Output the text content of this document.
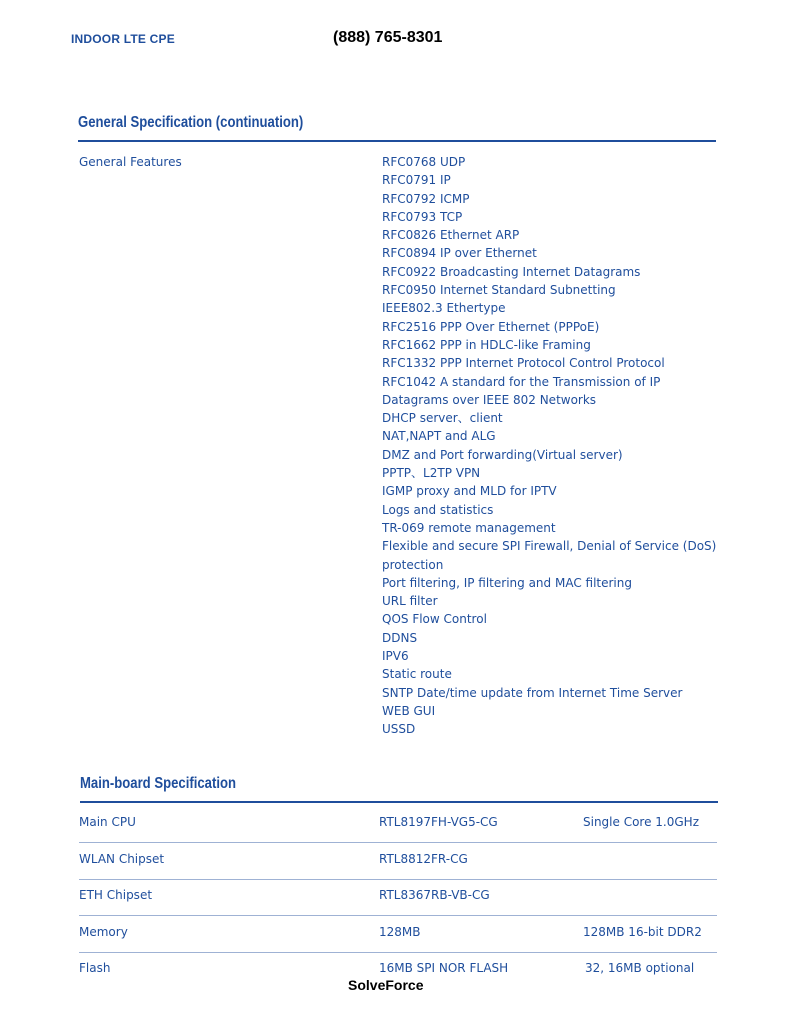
INDOOR LTE CPE	(888) 765-8301
General Specification (continuation)
General Features	RFC0768 UDP
RFC0791 IP
RFC0792 ICMP
RFC0793 TCP
RFC0826 Ethernet ARP
RFC0894 IP over Ethernet
RFC0922 Broadcasting Internet Datagrams
RFC0950 Internet Standard Subnetting
IEEE802.3 Ethertype
RFC2516 PPP Over Ethernet (PPPoE)
RFC1662 PPP in HDLC-like Framing
RFC1332 PPP Internet Protocol Control Protocol
RFC1042 A standard for the Transmission of IP
Datagrams over IEEE 802 Networks
DHCP server、client
NAT,NAPT and ALG
DMZ and Port forwarding(Virtual server)
PPTP、L2TP VPN
IGMP proxy and MLD for IPTV
Logs and statistics
TR-069 remote management
Flexible and secure SPI Firewall, Denial of Service (DoS)
protection
Port filtering, IP filtering and MAC filtering
URL filter
QOS Flow Control
DDNS
IPV6
Static route
SNTP Date/time update from Internet Time Server
WEB GUI
USSD
Main-board Specification
Main CPU	RTL8197FH-VG5-CG	Single Core 1.0GHz
WLAN Chipset	RTL8812FR-CG
ETH Chipset	RTL8367RB-VB-CG
Memory	128MB	128MB 16-bit DDR2
Flash	16MB SPI NOR FLASH	32, 16MB optional
SolveForce
